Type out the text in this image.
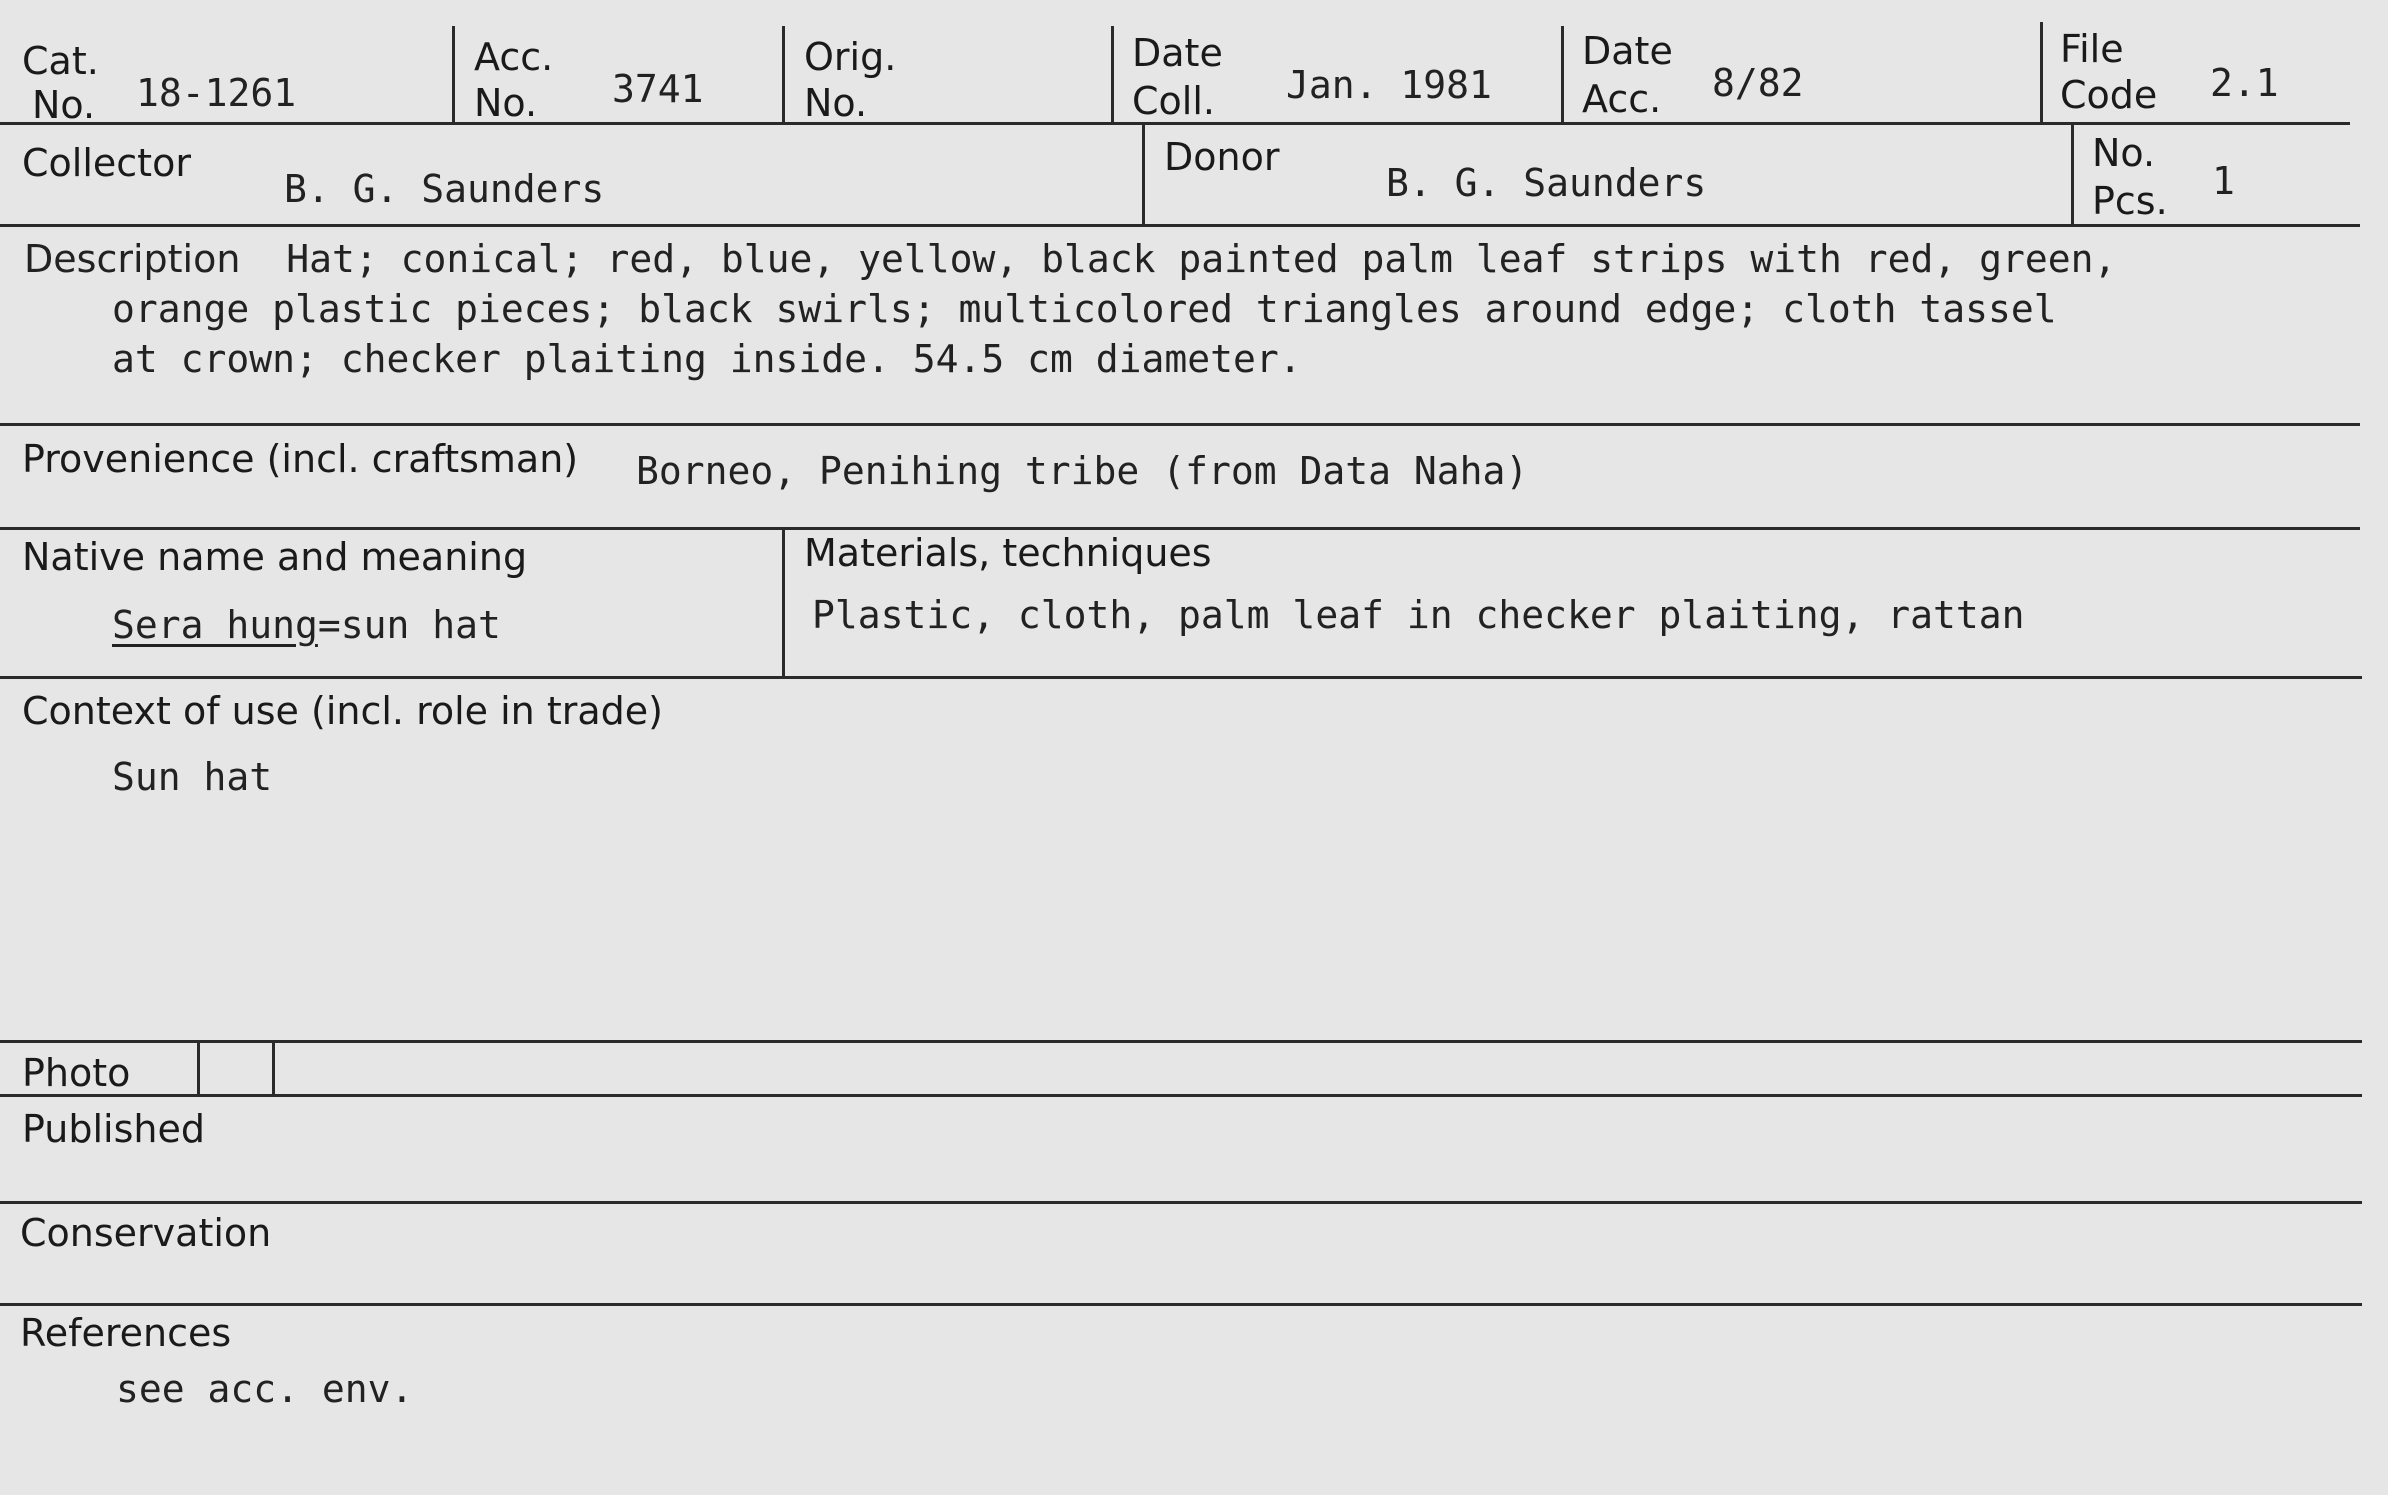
Cat.
No. 18-1261
Acc.
No. 3741
Orig.
No.
Date
Coll. Jan. 1981
Date
Acc. 8/82
File
Code 2.1
Collector
B. G. Saunders
Donor
B. G. Saunders
No.
Pcs. 1
Description Hat; conical; red, blue, yellow, black painted palm leaf strips with red, green,
orange plastic pieces; black swirls; multicolored triangles around edge; cloth tassel
at crown; checker plaiting inside. 54.5 cm diameter.
Provenience (incl. craftsman) Borneo, Penihing tribe (from Data Naha)
Native name and meaning
Sera hung=sun hat
Materials, techniques
Plastic, cloth, palm leaf in checker plaiting, rattan
Context of use (incl. role in trade)
Sun hat
Photo
Published
Conservation
References
see acc. env.
